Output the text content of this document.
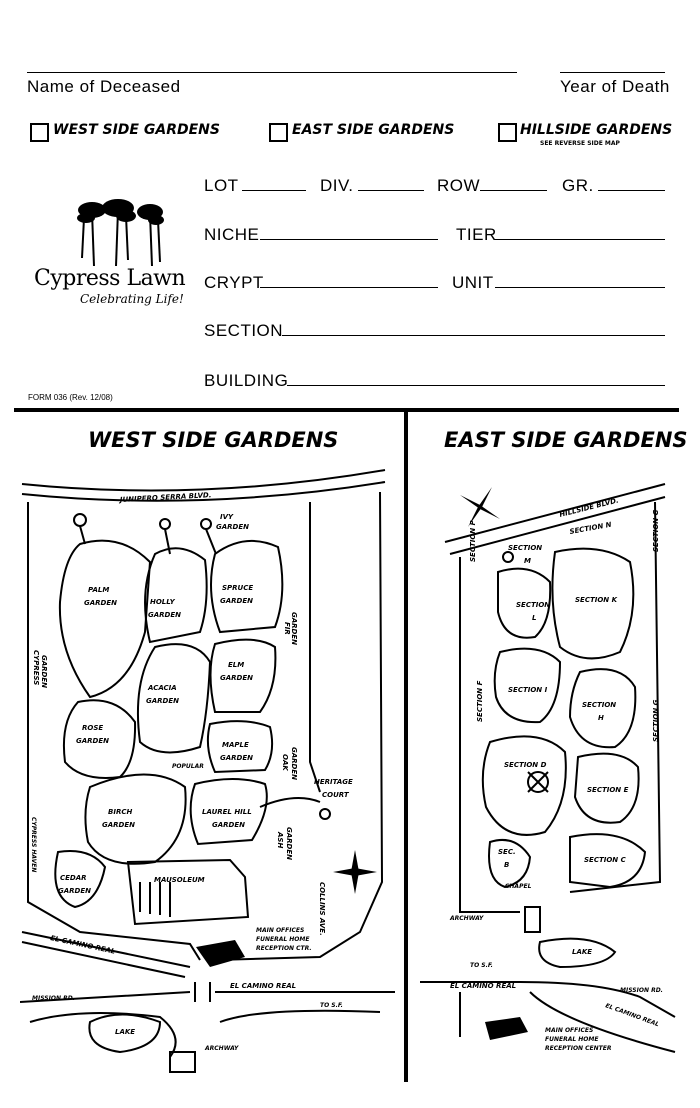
Name of Deceased	Year of Death
WEST SIDE GARDENS	EAST SIDE GARDENS	HILLSIDE GARDENS
SEE REVERSE SIDE MAP
Cypress Lawn
Celebrating Life!
LOT	DIV.	ROW	GR.
NICHE	TIER
CRYPT	UNIT
SECTION
BUILDING
FORM 036 (Rev. 12/08)
WEST SIDE GARDENS	EAST SIDE GARDENS
JUNIPERO SERRA BLVD.
IVY
GARDEN
PALM
GARDEN	HOLLY
GARDEN
SPRUCE
GARDEN
FIR GARDEN
CYPRESS GARDEN	ACACIA
GARDEN
ELM
GARDEN
ROSE
GARDEN	MAPLE
GARDEN
POPULAR	OAK GARDEN
HERITAGE
COURT
BIRCH
GARDEN
LAUREL HILL
GARDEN
CYPRESS HAVEN	ASH GARDEN
CEDAR
GARDEN
MAUSOLEUM
COLLINS AVE.
MAIN OFFICES
FUNERAL HOME
RECEPTION CTR.
EL CAMINO REAL
EL CAMINO REAL
MISSION RD.
TO S.F.
LAKE
ARCHWAY
HILLSIDE BLVD.
SECTION N
SECTION
M
SECTION P	SECTION G
SECTION
L
SECTION K
SECTION I
SECTION F	SECTION
H	SECTION G
SECTION D
SECTION E
SEC.
B
SECTION C
CHAPEL
ARCHWAY
LAKE
TO S.F.
EL CAMINO REAL
MISSION RD.
EL CAMINO REAL
MAIN OFFICES
FUNERAL HOME
RECEPTION CENTER
